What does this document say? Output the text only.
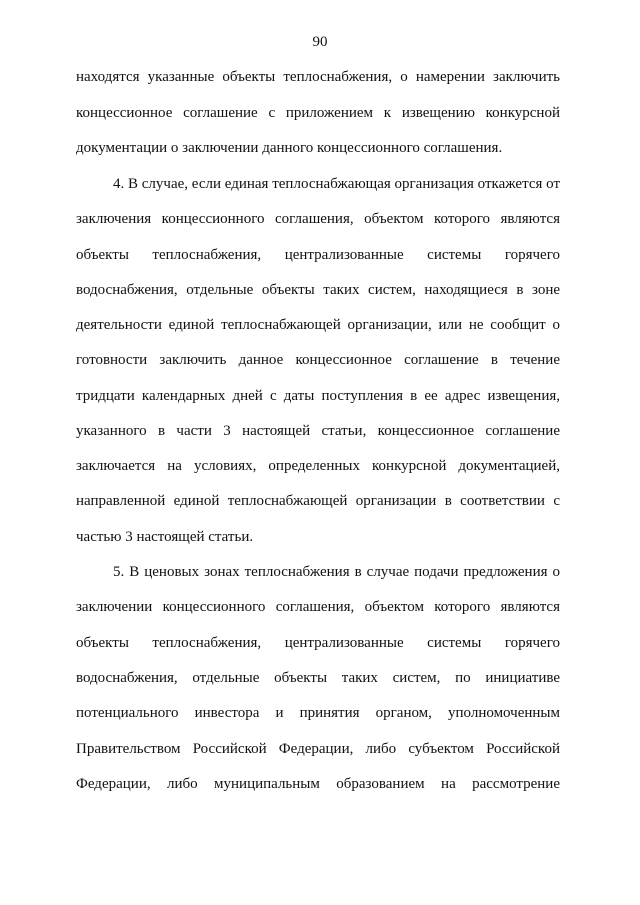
90
находятся указанные объекты теплоснабжения, о намерении заключить
концессионное соглашение с приложением к извещению конкурсной
документации о заключении данного концессионного соглашения.
4. В случае, если единая теплоснабжающая организация откажется от
заключения концессионного соглашения, объектом которого являются
объекты теплоснабжения, централизованные системы горячего
водоснабжения, отдельные объекты таких систем, находящиеся в зоне
деятельности единой теплоснабжающей организации, или не сообщит о
готовности заключить данное концессионное соглашение в течение
тридцати календарных дней с даты поступления в ее адрес извещения,
указанного в части 3 настоящей статьи, концессионное соглашение
заключается на условиях, определенных конкурсной документацией,
направленной единой теплоснабжающей организации в соответствии с
частью 3 настоящей статьи.
5. В ценовых зонах теплоснабжения в случае подачи предложения о
заключении концессионного соглашения, объектом которого являются
объекты теплоснабжения, централизованные системы горячего
водоснабжения, отдельные объекты таких систем, по инициативе
потенциального инвестора и принятия органом, уполномоченным
Правительством Российской Федерации, либо субъектом Российской
Федерации, либо муниципальным образованием на рассмотрение
